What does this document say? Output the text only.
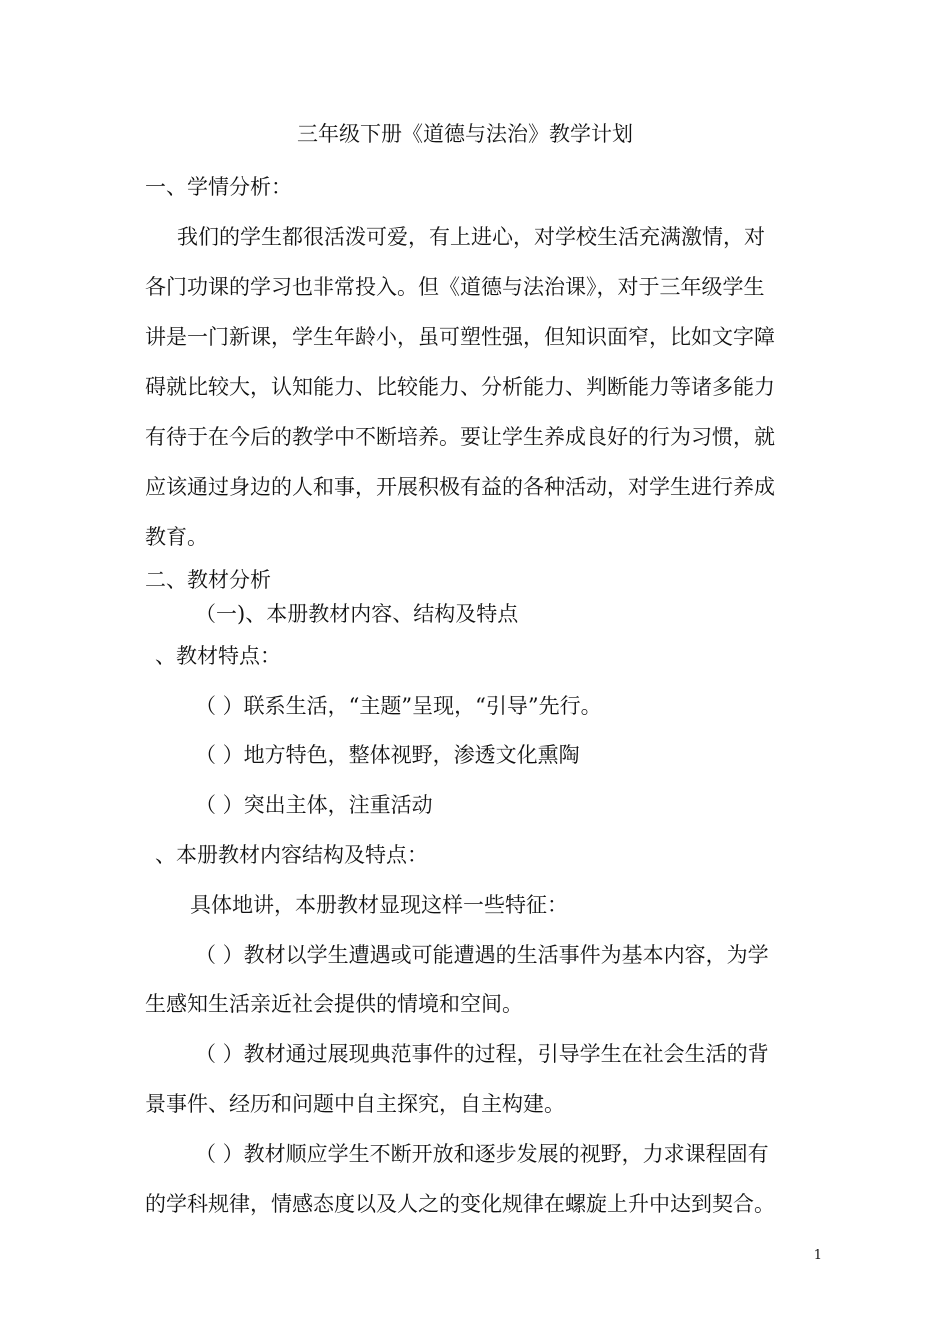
三年级下册《道德与法治》教学计划
一、学情分析：
我们的学生都很活泼可爱，有上进心，对学校生活充满激情，对
各门功课的学习也非常投入。但《道德与法治课》，对于三年级学生
讲是一门新课，学生年龄小，虽可塑性强，但知识面窄，比如文字障
碍就比较大，认知能力、比较能力、分析能力、判断能力等诸多能力
有待于在今后的教学中不断培养。要让学生养成良好的行为习惯，就
应该通过身边的人和事，开展积极有益的各种活动，对学生进行养成
教育。
二、教材分析
（一)、本册教材内容、结构及特点
、教材特点：
（ ）联系生活，“主题”呈现，“引导”先行。
（ ）地方特色，整体视野，渗透文化熏陶
（ ）突出主体，注重活动
、本册教材内容结构及特点：
具体地讲，本册教材显现这样一些特征：
（ ）教材以学生遭遇或可能遭遇的生活事件为基本内容，为学
生感知生活亲近社会提供的情境和空间。
（ ）教材通过展现典范事件的过程，引导学生在社会生活的背
景事件、经历和问题中自主探究，自主构建。
（ ）教材顺应学生不断开放和逐步发展的视野，力求课程固有
的学科规律，情感态度以及人之的变化规律在螺旋上升中达到契合。
1
